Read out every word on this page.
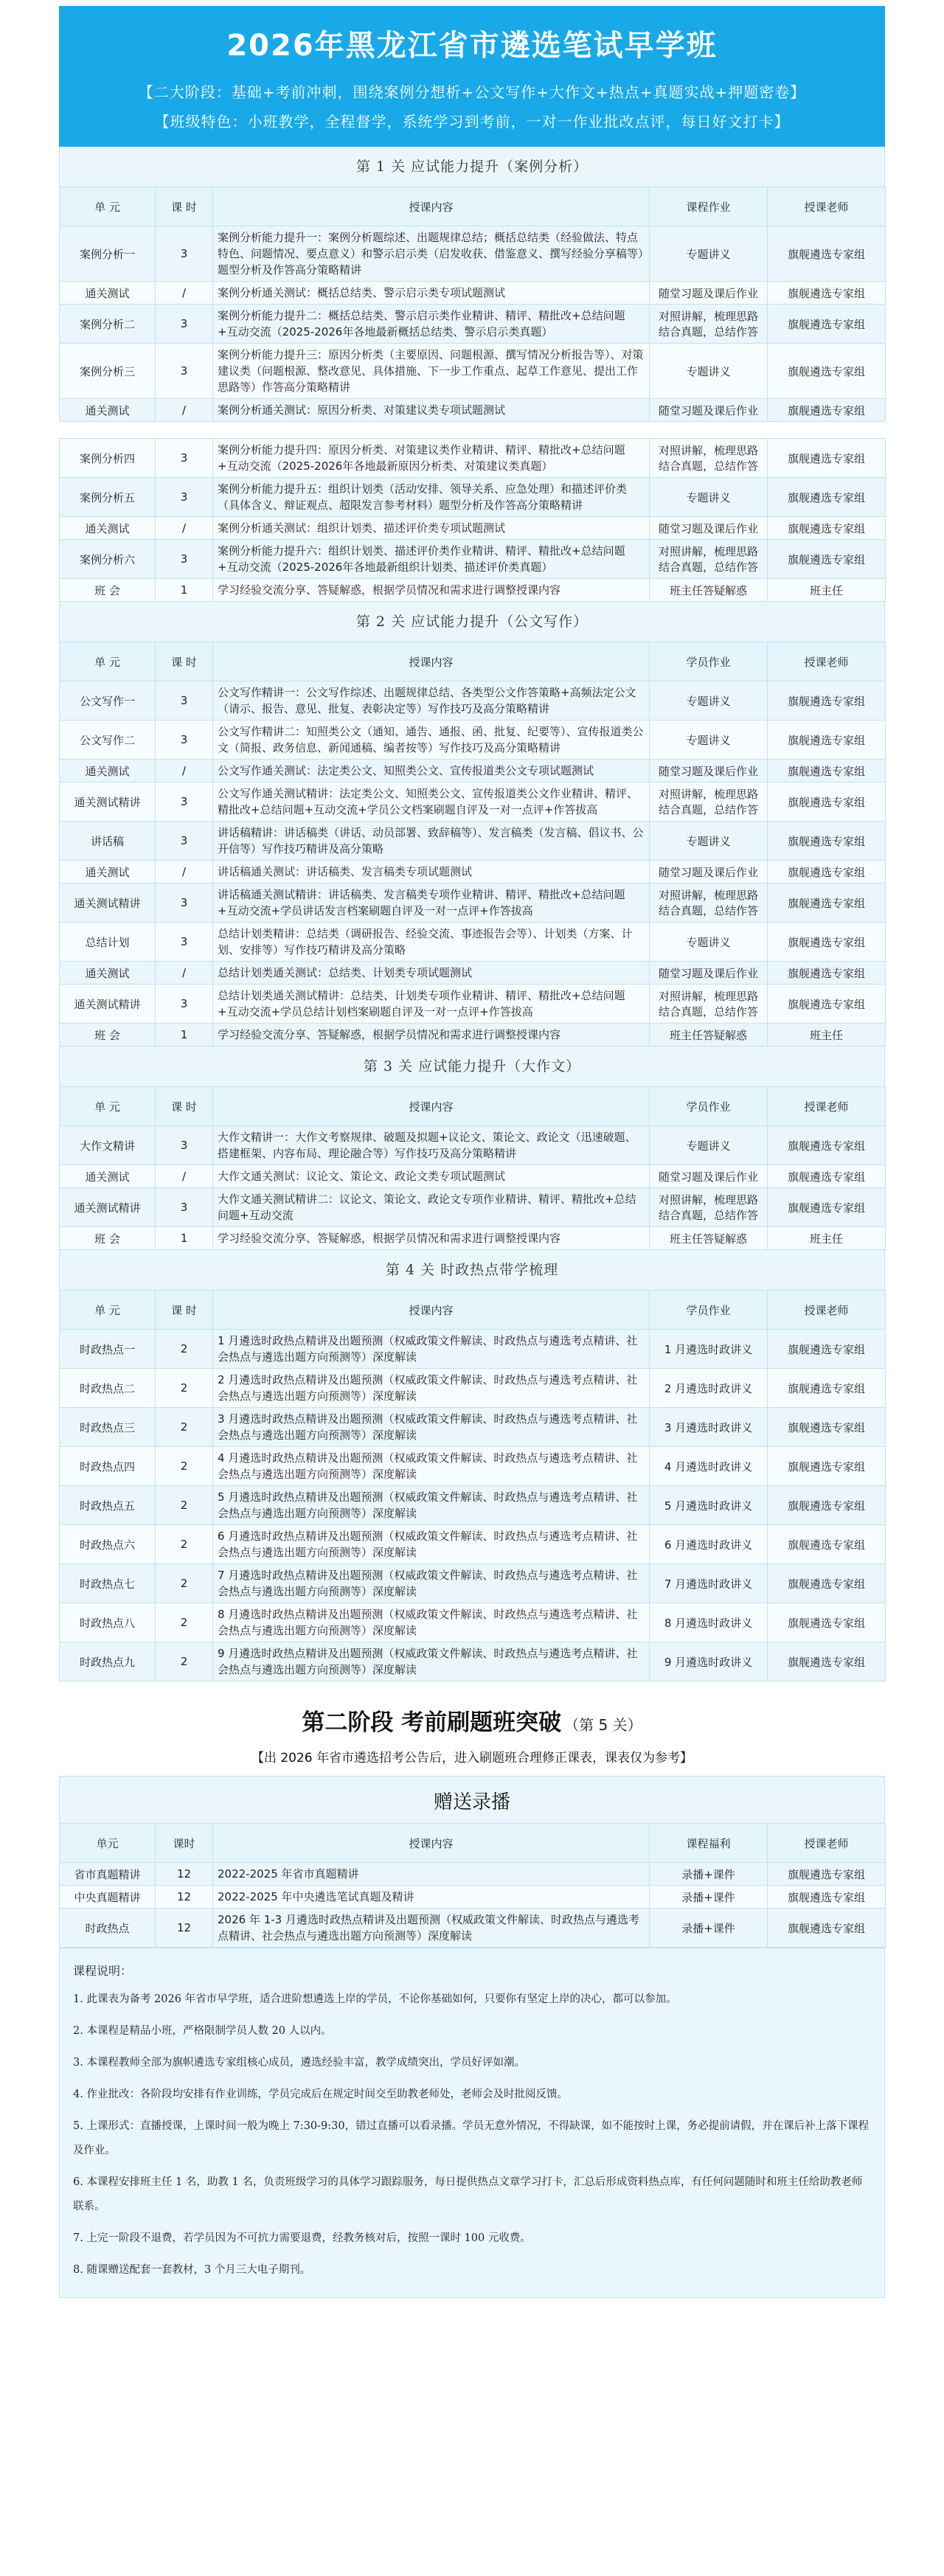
2026年黑龙江省市遴选笔试早学班
【二大阶段：基础+考前冲刺，围绕案例分想析+公文写作+大作文+热点+真题实战+押题密卷】
【班级特色：小班教学，全程督学，系统学习到考前，一对一作业批改点评，每日好文打卡】
第 1 关 应试能力提升（案例分析）
单 元	课 时	授课内容	课程作业	授课老师
案例分析一	3	案例分析能力提升一：案例分析题综述、出题规律总结；概括总结类（经验做法、特点特色、问题情况、要点意义）和警示启示类（启发收获、借鉴意义、撰写经验分享稿等）题型分析及作答高分策略精讲	专题讲义	旗舰遴选专家组
通关测试	/	案例分析通关测试：概括总结类、警示启示类专项试题测试	随堂习题及课后作业	旗舰遴选专家组
案例分析二	3	案例分析能力提升二：概括总结类、警示启示类作业精讲、精评、精批改+总结问题+互动交流（2025-2026年各地最新概括总结类、警示启示类真题）	对照讲解，梳理思路结合真题，总结作答	旗舰遴选专家组
案例分析三	3	案例分析能力提升三：原因分析类（主要原因、问题根源、撰写情况分析报告等）、对策建议类（问题根源、整改意见、具体措施、下一步工作重点、起草工作意见、提出工作思路等）作答高分策略精讲	专题讲义	旗舰遴选专家组
通关测试	/	案例分析通关测试：原因分析类、对策建议类专项试题测试	随堂习题及课后作业	旗舰遴选专家组

案例分析四	3	案例分析能力提升四：原因分析类、对策建议类作业精讲、精评、精批改+总结问题+互动交流（2025-2026年各地最新原因分析类、对策建议类真题）	对照讲解，梳理思路结合真题，总结作答	旗舰遴选专家组
案例分析五	3	案例分析能力提升五：组织计划类（活动安排、领导关系、应急处理）和描述评价类（具体含义、辩证观点、超限发言参考材料）题型分析及作答高分策略精讲	专题讲义	旗舰遴选专家组
通关测试	/	案例分析通关测试：组织计划类、描述评价类专项试题测试	随堂习题及课后作业	旗舰遴选专家组
案例分析六	3	案例分析能力提升六：组织计划类、描述评价类作业精讲、精评、精批改+总结问题+互动交流（2025-2026年各地最新组织计划类、描述评价类真题）	对照讲解，梳理思路结合真题，总结作答	旗舰遴选专家组
班 会	1	学习经验交流分享、答疑解惑，根据学员情况和需求进行调整授课内容	班主任答疑解惑	班主任
第 2 关 应试能力提升（公文写作）
单 元	课 时	授课内容	学员作业	授课老师
公文写作一	3	公文写作精讲一：公文写作综述、出题规律总结、各类型公文作答策略+高频法定公文（请示、报告、意见、批复、表彰决定等）写作技巧及高分策略精讲	专题讲义	旗舰遴选专家组
公文写作二	3	公文写作精讲二：知照类公文（通知、通告、通报、函、批复、纪要等）、宣传报道类公文（简报、政务信息、新闻通稿、编者按等）写作技巧及高分策略精讲	专题讲义	旗舰遴选专家组
通关测试	/	公文写作通关测试：法定类公文、知照类公文、宣传报道类公文专项试题测试	随堂习题及课后作业	旗舰遴选专家组
通关测试精讲	3	公文写作通关测试精讲：法定类公文、知照类公文、宣传报道类公文作业精讲、精评、精批改+总结问题+互动交流+学员公文档案刷题自评及一对一点评+作答拔高	对照讲解，梳理思路结合真题，总结作答	旗舰遴选专家组
讲话稿	3	讲话稿精讲：讲话稿类（讲话、动员部署、致辞稿等）、发言稿类（发言稿、倡议书、公开信等）写作技巧精讲及高分策略	专题讲义	旗舰遴选专家组
通关测试	/	讲话稿通关测试：讲话稿类、发言稿类专项试题测试	随堂习题及课后作业	旗舰遴选专家组
通关测试精讲	3	讲话稿通关测试精讲：讲话稿类、发言稿类专项作业精讲、精评、精批改+总结问题+互动交流+学员讲话发言档案刷题自评及一对一点评+作答拔高	对照讲解，梳理思路结合真题，总结作答	旗舰遴选专家组
总结计划	3	总结计划类精讲：总结类（调研报告、经验交流、事迹报告会等）、计划类（方案、计划、安排等）写作技巧精讲及高分策略	专题讲义	旗舰遴选专家组
通关测试	/	总结计划类通关测试：总结类、计划类专项试题测试	随堂习题及课后作业	旗舰遴选专家组
通关测试精讲	3	总结计划类通关测试精讲：总结类、计划类专项作业精讲、精评、精批改+总结问题+互动交流+学员总结计划档案刷题自评及一对一点评+作答拔高	对照讲解，梳理思路结合真题，总结作答	旗舰遴选专家组
班 会	1	学习经验交流分享、答疑解惑，根据学员情况和需求进行调整授课内容	班主任答疑解惑	班主任
第 3 关 应试能力提升（大作文）
单 元	课 时	授课内容	学员作业	授课老师
大作文精讲	3	大作文精讲一：大作文考察规律、破题及拟题+议论文、策论文、政论文（迅速破题、搭建框架、内容布局、理论融合等）写作技巧及高分策略精讲	专题讲义	旗舰遴选专家组
通关测试	/	大作文通关测试：议论文、策论文、政论文类专项试题测试	随堂习题及课后作业	旗舰遴选专家组
通关测试精讲	3	大作文通关测试精讲二：议论文、策论文、政论文专项作业精讲、精评、精批改+总结问题+互动交流	对照讲解，梳理思路结合真题，总结作答	旗舰遴选专家组
班 会	1	学习经验交流分享、答疑解惑，根据学员情况和需求进行调整授课内容	班主任答疑解惑	班主任
第 4 关 时政热点带学梳理
单 元	课 时	授课内容	学员作业	授课老师
时政热点一	2	1 月遴选时政热点精讲及出题预测（权威政策文件解读、时政热点与遴选考点精讲、社会热点与遴选出题方向预测等）深度解读	1 月遴选时政讲义	旗舰遴选专家组
时政热点二	2	2 月遴选时政热点精讲及出题预测（权威政策文件解读、时政热点与遴选考点精讲、社会热点与遴选出题方向预测等）深度解读	2 月遴选时政讲义	旗舰遴选专家组
时政热点三	2	3 月遴选时政热点精讲及出题预测（权威政策文件解读、时政热点与遴选考点精讲、社会热点与遴选出题方向预测等）深度解读	3 月遴选时政讲义	旗舰遴选专家组
时政热点四	2	4 月遴选时政热点精讲及出题预测（权威政策文件解读、时政热点与遴选考点精讲、社会热点与遴选出题方向预测等）深度解读	4 月遴选时政讲义	旗舰遴选专家组
时政热点五	2	5 月遴选时政热点精讲及出题预测（权威政策文件解读、时政热点与遴选考点精讲、社会热点与遴选出题方向预测等）深度解读	5 月遴选时政讲义	旗舰遴选专家组
时政热点六	2	6 月遴选时政热点精讲及出题预测（权威政策文件解读、时政热点与遴选考点精讲、社会热点与遴选出题方向预测等）深度解读	6 月遴选时政讲义	旗舰遴选专家组
时政热点七	2	7 月遴选时政热点精讲及出题预测（权威政策文件解读、时政热点与遴选考点精讲、社会热点与遴选出题方向预测等）深度解读	7 月遴选时政讲义	旗舰遴选专家组
时政热点八	2	8 月遴选时政热点精讲及出题预测（权威政策文件解读、时政热点与遴选考点精讲、社会热点与遴选出题方向预测等）深度解读	8 月遴选时政讲义	旗舰遴选专家组
时政热点九	2	9 月遴选时政热点精讲及出题预测（权威政策文件解读、时政热点与遴选考点精讲、社会热点与遴选出题方向预测等）深度解读	9 月遴选时政讲义	旗舰遴选专家组
第二阶段 考前刷题班突破 （第 5 关）
【出 2026 年省市遴选招考公告后，进入刷题班合理修正课表，课表仅为参考】
赠送录播
单元	课时	授课内容	课程福利	授课老师
省市真题精讲	12	2022-2025 年省市真题精讲	录播+课件	旗舰遴选专家组
中央真题精讲	12	2022-2025 年中央遴选笔试真题及精讲	录播+课件	旗舰遴选专家组
时政热点	12	2026 年 1-3 月遴选时政热点精讲及出题预测（权威政策文件解读、时政热点与遴选考点精讲、社会热点与遴选出题方向预测等）深度解读	录播+课件	旗舰遴选专家组
课程说明：

1. 此课表为备考 2026 年省市早学班，适合进阶想遴选上岸的学员，不论你基础如何，只要你有坚定上岸的决心，都可以参加。

2. 本课程是精品小班，严格限制学员人数 20 人以内。

3. 本课程教师全部为旗帜遴选专家组核心成员，遴选经验丰富，教学成绩突出，学员好评如潮。

4. 作业批改：各阶段均安排有作业训练，学员完成后在规定时间交至助教老师处，老师会及时批阅反馈。

5. 上课形式：直播授课，上课时间一般为晚上 7:30-9:30，错过直播可以看录播。学员无意外情况，不得缺课，如不能按时上课，务必提前请假，并在课后补上落下课程及作业。

6. 本课程安排班主任 1 名，助教 1 名，负责班级学习的具体学习跟踪服务，每日提供热点文章学习打卡，汇总后形成资料热点库，有任何问题随时和班主任给助教老师联系。

7. 上完一阶段不退费，若学员因为不可抗力需要退费，经教务核对后，按照一课时 100 元收费。

8. 随课赠送配套一套教材，3 个月三大电子期刊。
